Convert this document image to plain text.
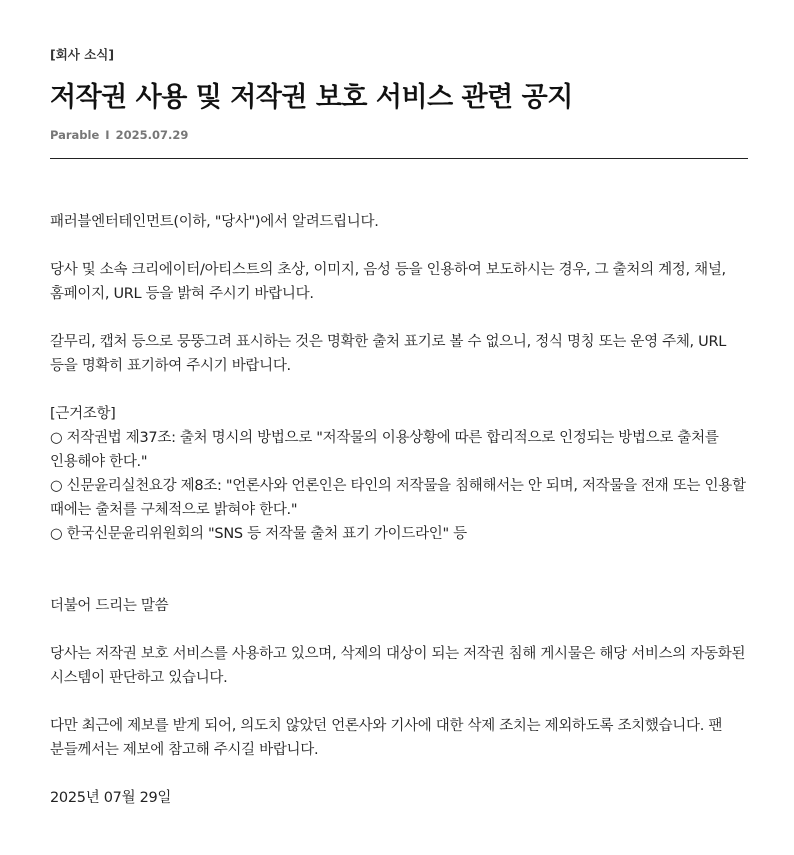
[회사 소식]
저작권 사용 및 저작권 보호 서비스 관련 공지
Parable I 2025.07.29

패러블엔터테인먼트(이하, "당사")에서 알려드립니다.

당사 및 소속 크리에이터/아티스트의 초상, 이미지, 음성 등을 인용하여 보도하시는 경우, 그 출처의 계정, 채널, 홈페이지, URL 등을 밝혀 주시기 바랍니다.

갈무리, 캡처 등으로 뭉뚱그려 표시하는 것은 명확한 출처 표기로 볼 수 없으니, 정식 명칭 또는 운영 주체, URL 등을 명확히 표기하여 주시기 바랍니다.

[근거조항]

○ 저작권법 제37조: 출처 명시의 방법으로 "저작물의 이용상황에 따른 합리적으로 인정되는 방법으로 출처를 인용해야 한다."

○ 신문윤리실천요강 제8조: "언론사와 언론인은 타인의 저작물을 침해해서는 안 되며, 저작물을 전재 또는 인용할 때에는 출처를 구체적으로 밝혀야 한다."

○ 한국신문윤리위원회의 "SNS 등 저작물 출처 표기 가이드라인" 등

더불어 드리는 말씀

당사는 저작권 보호 서비스를 사용하고 있으며, 삭제의 대상이 되는 저작권 침해 게시물은 해당 서비스의 자동화된 시스템이 판단하고 있습니다.

다만 최근에 제보를 받게 되어, 의도치 않았던 언론사와 기사에 대한 삭제 조치는 제외하도록 조치했습니다. 팬 분들께서는 제보에 참고해 주시길 바랍니다.

2025년 07월 29일
